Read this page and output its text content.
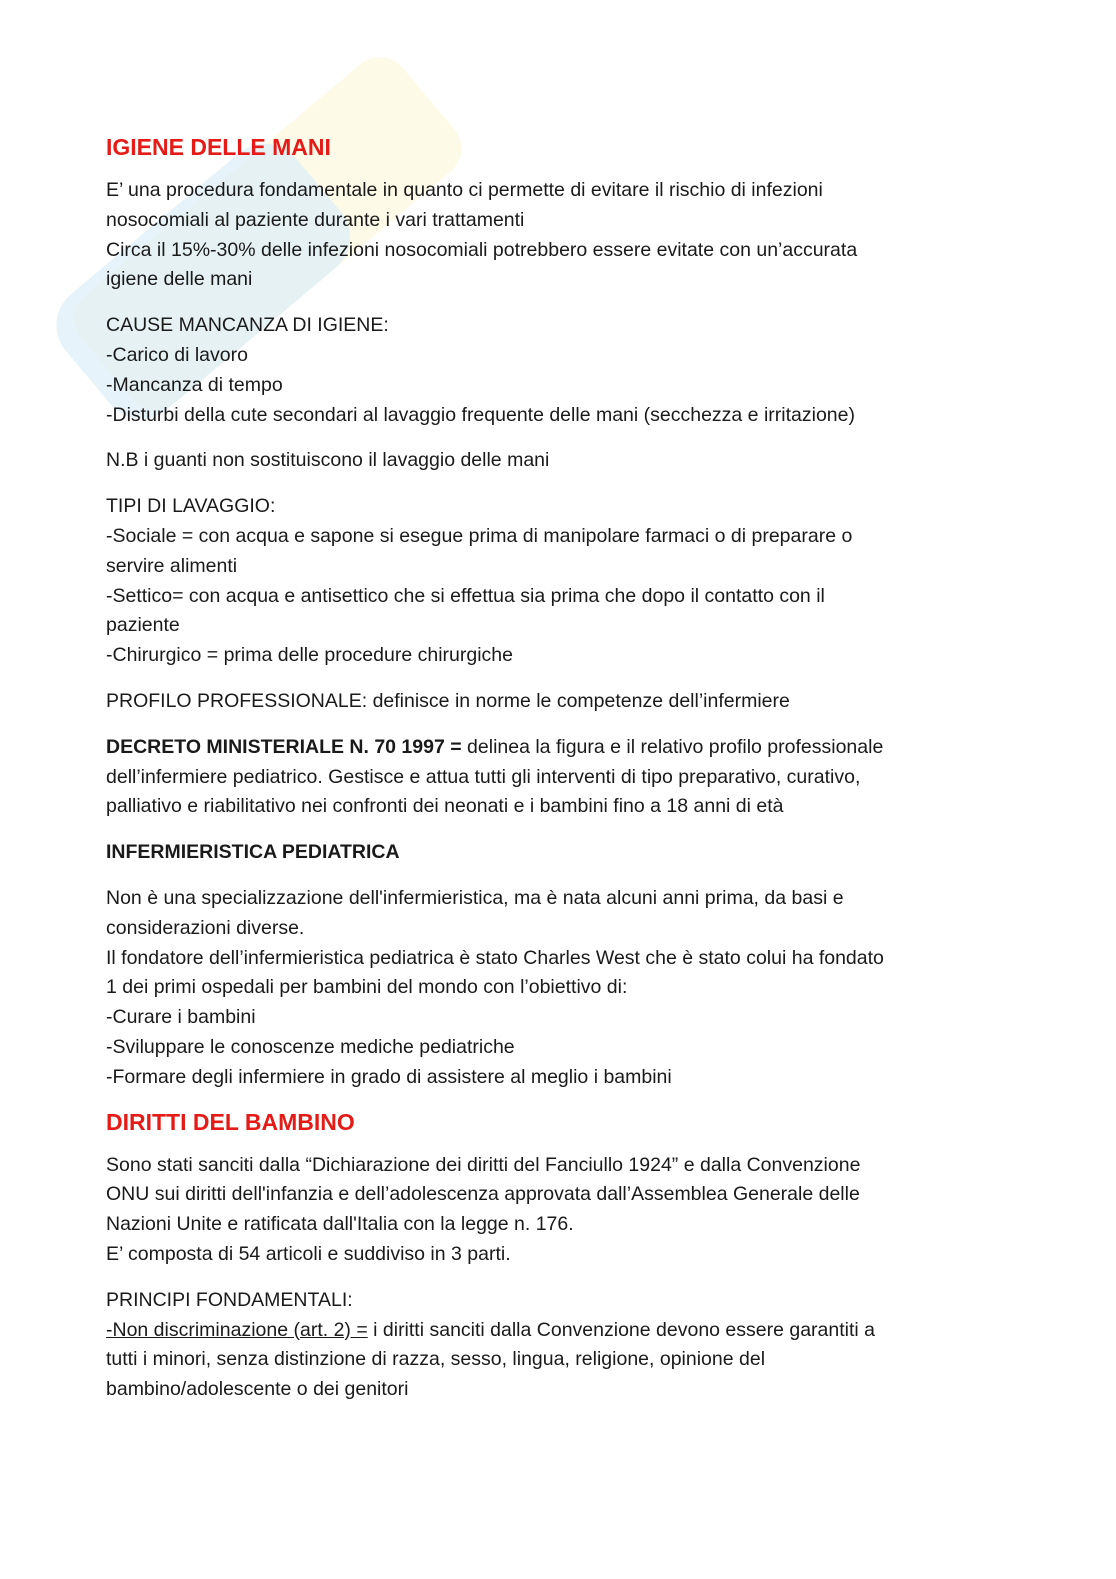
IGIENE DELLE MANI

E’ una procedura fondamentale in quanto ci permette di evitare il rischio di infezioni

nosocomiali al paziente durante i vari trattamenti

Circa il 15%-30% delle infezioni nosocomiali potrebbero essere evitate con un’accurata

igiene delle mani

CAUSE MANCANZA DI IGIENE:

-Carico di lavoro

-Mancanza di tempo

-Disturbi della cute secondari al lavaggio frequente delle mani (secchezza e irritazione)

N.B i guanti non sostituiscono il lavaggio delle mani

TIPI DI LAVAGGIO:

-Sociale = con acqua e sapone si esegue prima di manipolare farmaci o di preparare o

servire alimenti

-Settico= con acqua e antisettico che si effettua sia prima che dopo il contatto con il

paziente

-Chirurgico = prima delle procedure chirurgiche

PROFILO PROFESSIONALE: definisce in norme le competenze dell’infermiere

DECRETO MINISTERIALE N. 70 1997 = delinea la figura e il relativo profilo professionale

dell’infermiere pediatrico. Gestisce e attua tutti gli interventi di tipo preparativo, curativo,

palliativo e riabilitativo nei confronti dei neonati e i bambini fino a 18 anni di età

INFERMIERISTICA PEDIATRICA

Non è una specializzazione dell'infermieristica, ma è nata alcuni anni prima, da basi e

considerazioni diverse.

Il fondatore dell’infermieristica pediatrica è stato Charles West che è stato colui ha fondato

1 dei primi ospedali per bambini del mondo con l’obiettivo di:

-Curare i bambini

-Sviluppare le conoscenze mediche pediatriche

-Formare degli infermiere in grado di assistere al meglio i bambini

DIRITTI DEL BAMBINO

Sono stati sanciti dalla “Dichiarazione dei diritti del Fanciullo 1924” e dalla Convenzione

ONU sui diritti dell'infanzia e dell’adolescenza approvata dall’Assemblea Generale delle

Nazioni Unite e ratificata dall'Italia con la legge n. 176.

E’ composta di 54 articoli e suddiviso in 3 parti.

PRINCIPI FONDAMENTALI:

-Non discriminazione (art. 2) = i diritti sanciti dalla Convenzione devono essere garantiti a

tutti i minori, senza distinzione di razza, sesso, lingua, religione, opinione del

bambino/adolescente o dei genitori
